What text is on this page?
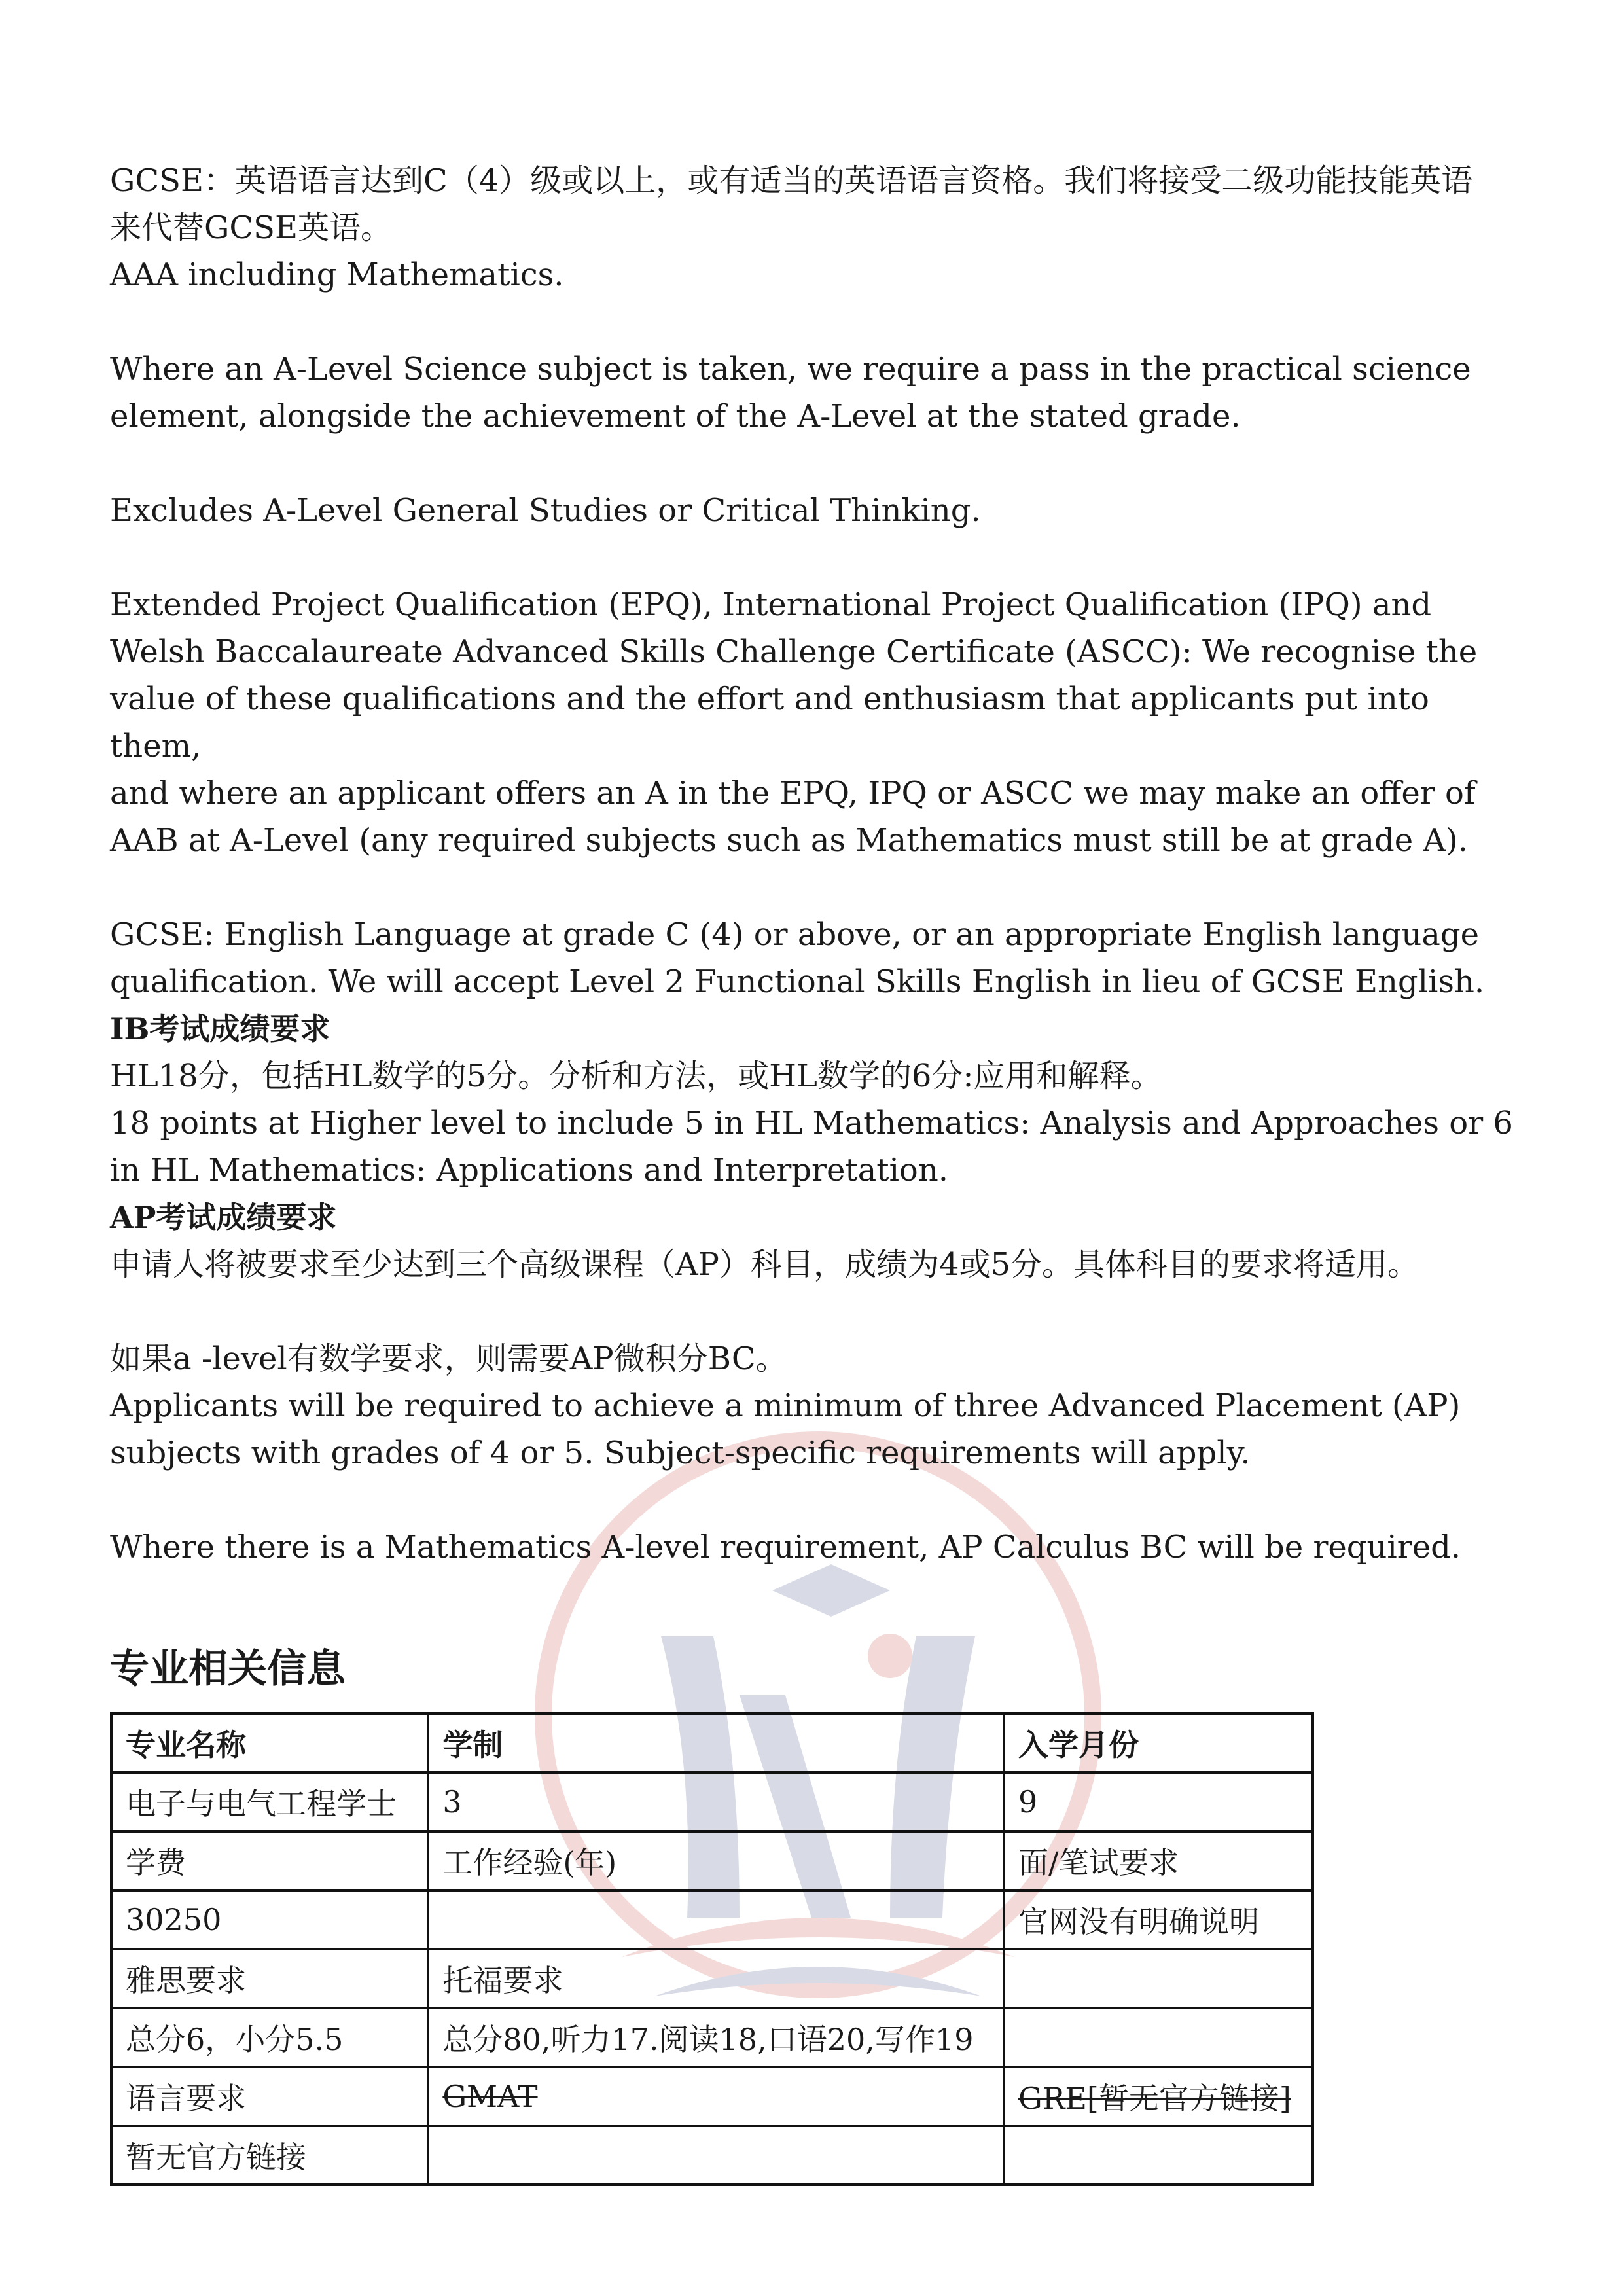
GCSE：英语语言达到C（4）级或以上，或有适当的英语语言资格。我们将接受二级功能技能英语

来代替GCSE英语。

AAA including Mathematics.

Where an A-Level Science subject is taken, we require a pass in the practical science

element, alongside the achievement of the A-Level at the stated grade.

Excludes A-Level General Studies or Critical Thinking.

Extended Project Qualification (EPQ), International Project Qualification (IPQ) and

Welsh Baccalaureate Advanced Skills Challenge Certificate (ASCC): We recognise the

value of these qualifications and the effort and enthusiasm that applicants put into them,

and where an applicant offers an A in the EPQ, IPQ or ASCC we may make an offer of

AAB at A-Level (any required subjects such as Mathematics must still be at grade A).

GCSE: English Language at grade C (4) or above, or an appropriate English language

qualification. We will accept Level 2 Functional Skills English in lieu of GCSE English.

IB考试成绩要求

HL18分，包括HL数学的5分。分析和方法，或HL数学的6分:应用和解释。

18 points at Higher level to include 5 in HL Mathematics: Analysis and Approaches or 6

in HL Mathematics: Applications and Interpretation.

AP考试成绩要求

申请人将被要求至少达到三个高级课程（AP）科目，成绩为4或5分。具体科目的要求将适用。

如果a -level有数学要求，则需要AP微积分BC。

Applicants will be required to achieve a minimum of three Advanced Placement (AP)

subjects with grades of 4 or 5. Subject-specific requirements will apply.

Where there is a Mathematics A-level requirement, AP Calculus BC will be required.

专业相关信息
专业名称	学制	入学月份
电子与电气工程学士	3	9
学费	工作经验(年)	面/笔试要求
30250		官网没有明确说明
雅思要求	托福要求	
总分6，小分5.5	总分80,听力17.阅读18,口语20,写作19	
语言要求	GMAT	GRE[暂无官方链接]
暂无官方链接		
